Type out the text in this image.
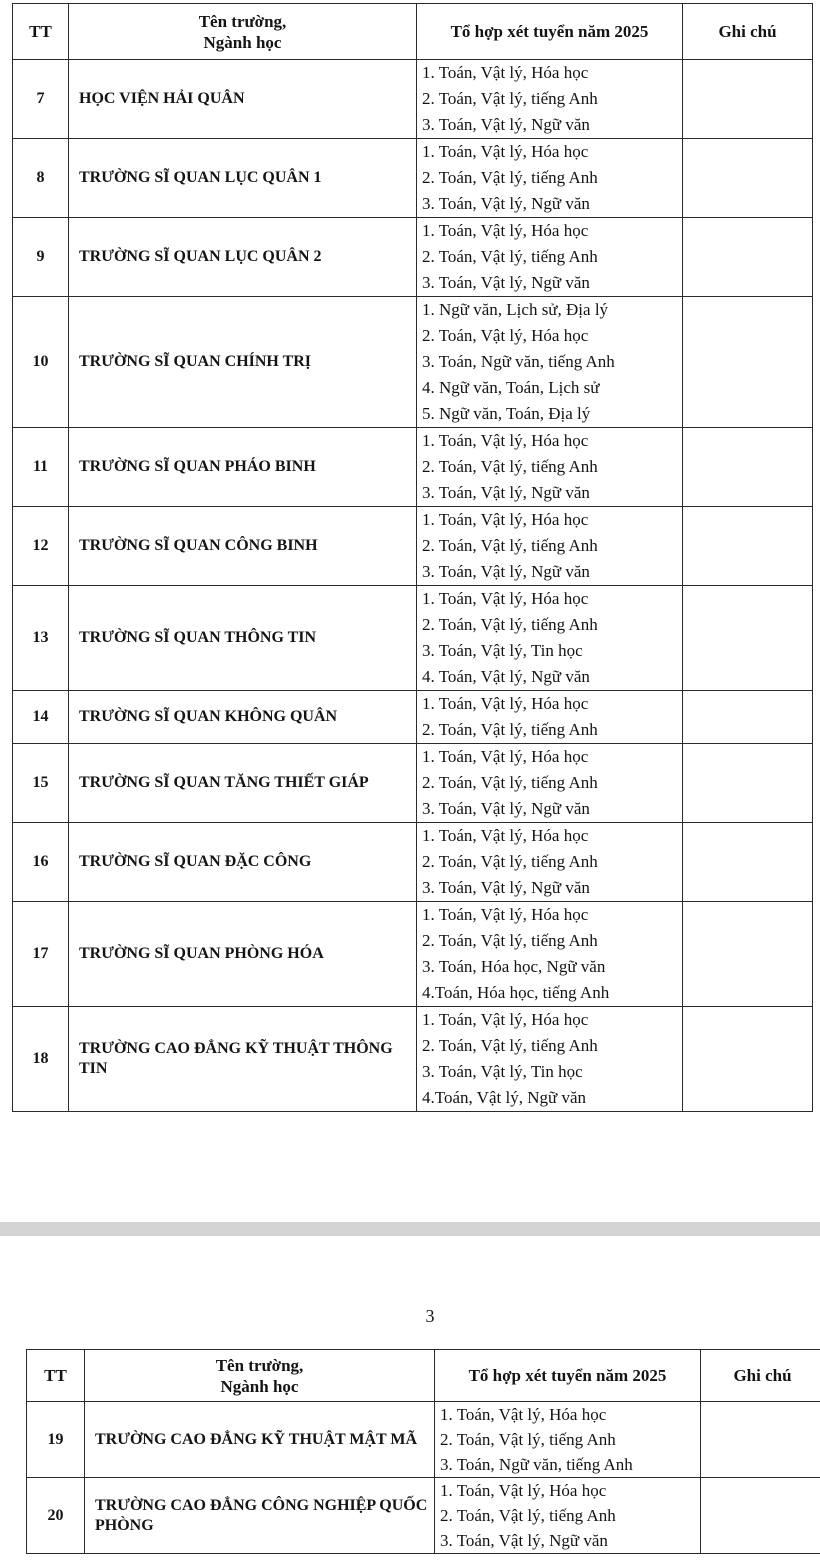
TT	Tên trường,
Ngành học	Tổ hợp xét tuyển năm 2025	Ghi chú
7	HỌC VIỆN HẢI QUÂN	1. Toán, Vật lý, Hóa học
2. Toán, Vật lý, tiếng Anh
3. Toán, Vật lý, Ngữ văn	

8	TRƯỜNG SĨ QUAN LỤC QUÂN 1	1. Toán, Vật lý, Hóa học
2. Toán, Vật lý, tiếng Anh
3. Toán, Vật lý, Ngữ văn	

9	TRƯỜNG SĨ QUAN LỤC QUÂN 2	1. Toán, Vật lý, Hóa học
2. Toán, Vật lý, tiếng Anh
3. Toán, Vật lý, Ngữ văn	

10	TRƯỜNG SĨ QUAN CHÍNH TRỊ	1. Ngữ văn, Lịch sử, Địa lý
2. Toán, Vật lý, Hóa học
3. Toán, Ngữ văn, tiếng Anh
4. Ngữ văn, Toán, Lịch sử
5. Ngữ văn, Toán, Địa lý	

11	TRƯỜNG SĨ QUAN PHÁO BINH	1. Toán, Vật lý, Hóa học
2. Toán, Vật lý, tiếng Anh
3. Toán, Vật lý, Ngữ văn	

12	TRƯỜNG SĨ QUAN CÔNG BINH	1. Toán, Vật lý, Hóa học
2. Toán, Vật lý, tiếng Anh
3. Toán, Vật lý, Ngữ văn	

13	TRƯỜNG SĨ QUAN THÔNG TIN	1. Toán, Vật lý, Hóa học
2. Toán, Vật lý, tiếng Anh
3. Toán, Vật lý, Tin học
4. Toán, Vật lý, Ngữ văn	

14	TRƯỜNG SĨ QUAN KHÔNG QUÂN	1. Toán, Vật lý, Hóa học
2. Toán, Vật lý, tiếng Anh	

15	TRƯỜNG SĨ QUAN TĂNG THIẾT GIÁP	1. Toán, Vật lý, Hóa học
2. Toán, Vật lý, tiếng Anh
3. Toán, Vật lý, Ngữ văn	

16	TRƯỜNG SĨ QUAN ĐẶC CÔNG	1. Toán, Vật lý, Hóa học
2. Toán, Vật lý, tiếng Anh
3. Toán, Vật lý, Ngữ văn	

17	TRƯỜNG SĨ QUAN PHÒNG HÓA	1. Toán, Vật lý, Hóa học
2. Toán, Vật lý, tiếng Anh
3. Toán, Hóa học, Ngữ văn
4.Toán, Hóa học, tiếng Anh	

18	TRƯỜNG CAO ĐẲNG KỸ THUẬT THÔNG TIN	1. Toán, Vật lý, Hóa học
2. Toán, Vật lý, tiếng Anh
3. Toán, Vật lý, Tin học
4.Toán, Vật lý, Ngữ văn	

3
TT	Tên trường,
Ngành học	Tổ hợp xét tuyển năm 2025	Ghi chú
19	TRƯỜNG CAO ĐẲNG KỸ THUẬT MẬT MÃ	1. Toán, Vật lý, Hóa học
2. Toán, Vật lý, tiếng Anh
3. Toán, Ngữ văn, tiếng Anh	

20	TRƯỜNG CAO ĐẲNG CÔNG NGHIỆP QUỐC PHÒNG	1. Toán, Vật lý, Hóa học
2. Toán, Vật lý, tiếng Anh
3. Toán, Vật lý, Ngữ văn	
